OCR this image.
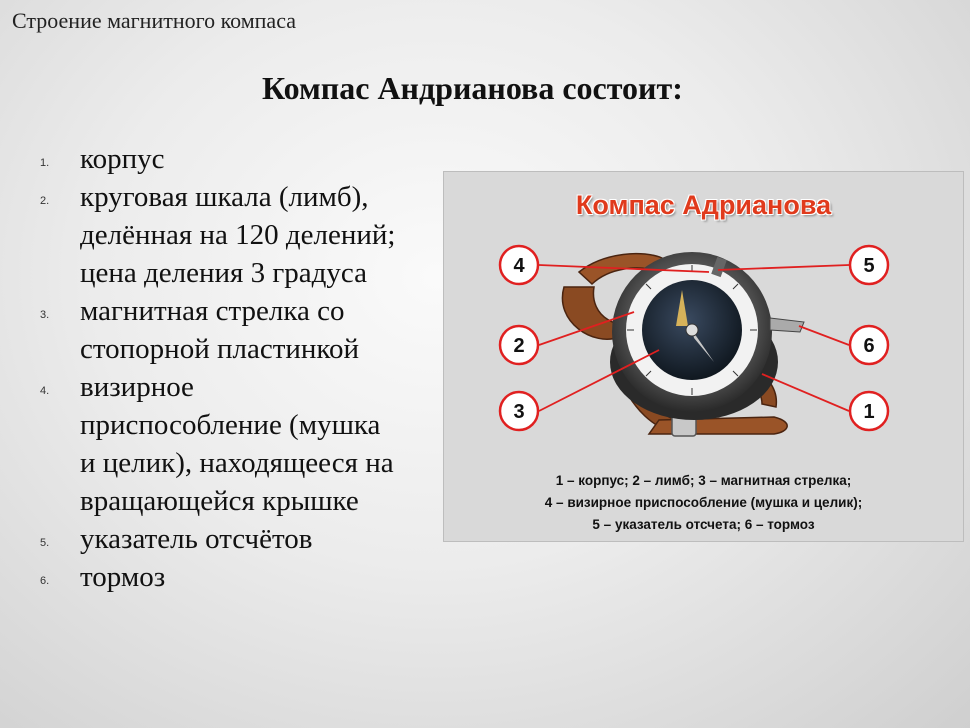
Строение магнитного компаса
Компас Андрианова состоит:
1.	корпус
2.	круговая шкала (лимб),
делённая на 120 делений;
цена деления 3 градуса
3.	магнитная стрелка со
стопорной пластинкой
4.	визирное
приспособление (мушка
и целик), находящееся на
вращающейся крышке
5.	указатель отсчётов
6.	тормоз
4	5
2	6
3	1
Компас Адрианова
1 – корпус; 2 – лимб; 3 – магнитная стрелка;
4 – визирное приспособление (мушка и целик);
5 – указатель отсчета; 6 – тормоз
